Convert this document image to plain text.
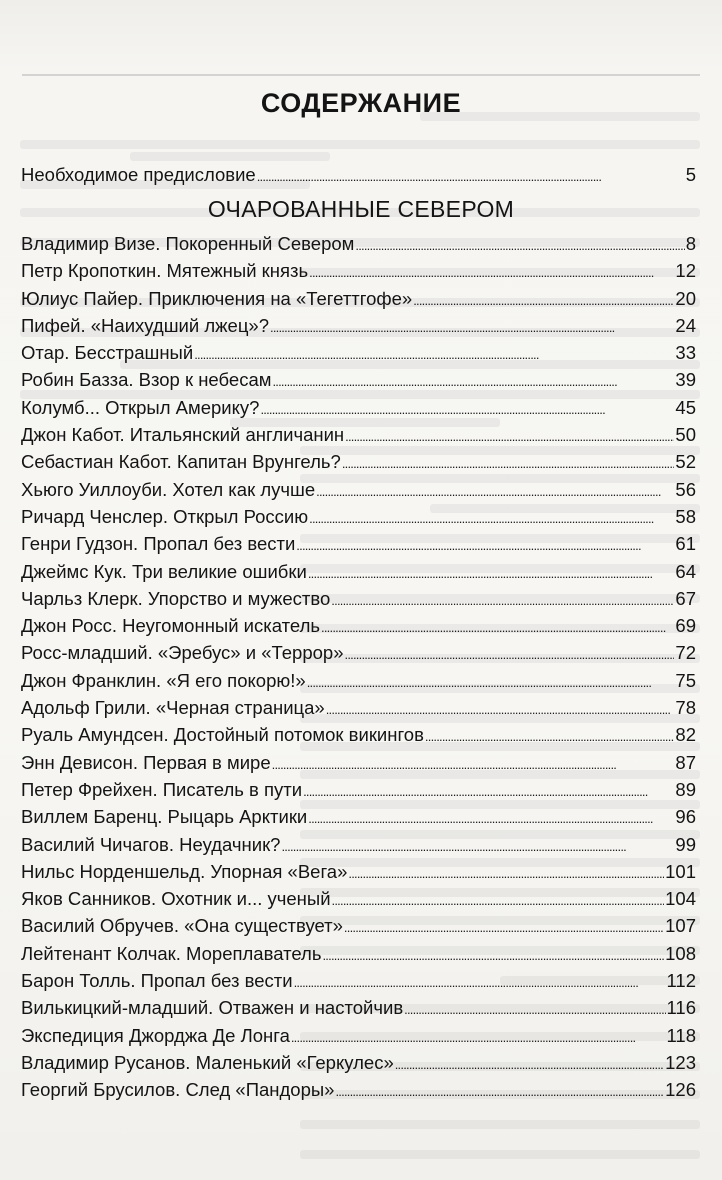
СОДЕРЖАНИЕ
Необходимое предисловие . . .	5
ОЧАРОВАННЫЕ СЕВЕРОМ
Владимир Визе. Покоренный Севером . . .	8
Петр Кропоткин. Мятежный князь . . .	12
Юлиус Пайер. Приключения на «Тегеттгофе» . . .	20
Пифей. «Наихудший лжец»? . . .	24
Отар. Бесстрашный . . .	33
Робин Базза. Взор к небесам . . .	39
Колумб... Открыл Америку? . . .	45
Джон Кабот. Итальянский англичанин . . .	50
Себастиан Кабот. Капитан Врунгель? . . .	52
Хьюго Уиллоуби. Хотел как лучше . . .	56
Ричард Ченслер. Открыл Россию . . .	58
Генри Гудзон. Пропал без вести . . .	61
Джеймс Кук. Три великие ошибки . . .	64
Чарльз Клерк. Упорство и мужество . . .	67
Джон Росс. Неугомонный искатель . . .	69
Росс-младший. «Эребус» и «Террор» . . .	72
Джон Франклин. «Я его покорю!» . . .	75
Адольф Грили. «Черная страница» . . .	78
Руаль Амундсен. Достойный потомок викингов . . .	82
Энн Девисон. Первая в мире . . .	87
Петер Фрейхен. Писатель в пути . . .	89
Виллем Баренц. Рыцарь Арктики . . .	96
Василий Чичагов. Неудачник? . . .	99
Нильс Норденшельд. Упорная «Вега» . . .	101
Яков Санников. Охотник и... ученый . . .	104
Василий Обручев. «Она существует» . . .	107
Лейтенант Колчак. Мореплаватель . . .	108
Барон Толль. Пропал без вести . . .	112
Вилькицкий-младший. Отважен и настойчив . . .	116
Экспедиция Джорджа Де Лонга . . .	118
Владимир Русанов. Маленький «Геркулес» . . .	123
Георгий Брусилов. След «Пандоры» . . .	126
